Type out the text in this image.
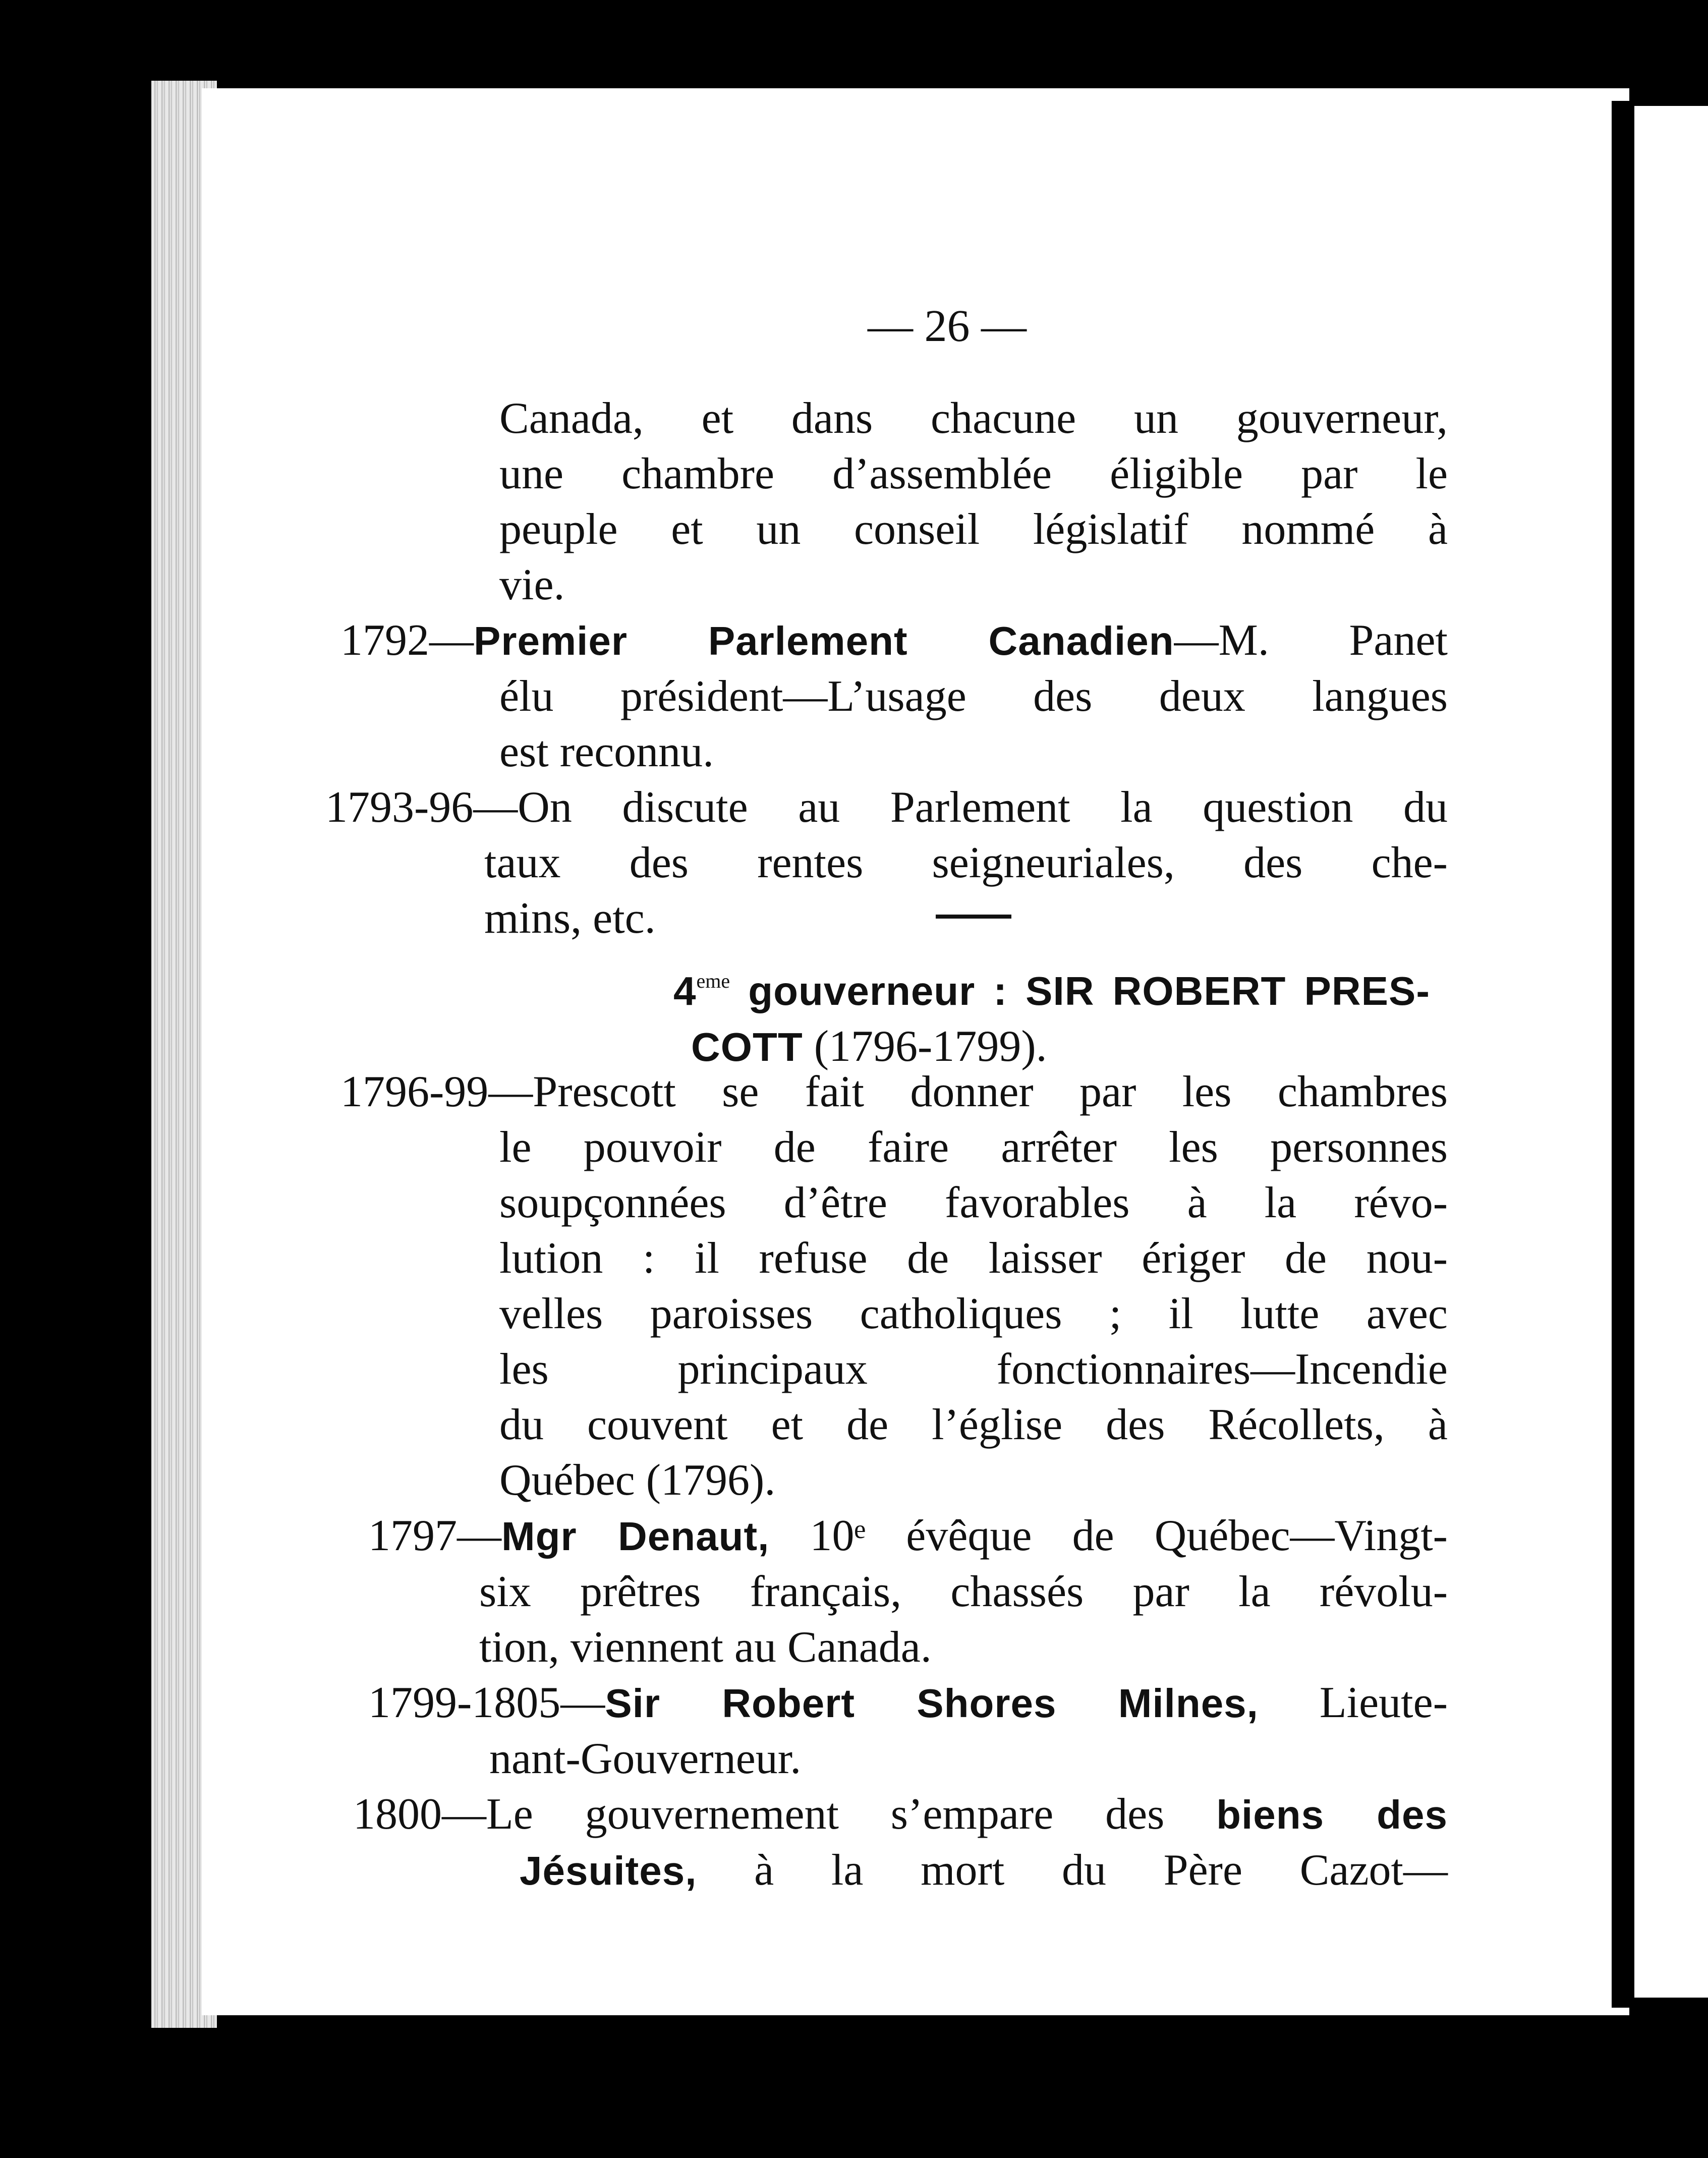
— 26 —
Canada, et dans chacune un gouverneur,
une chambre d’assemblée éligible par le
peuple et un conseil législatif nommé à
vie.
1792—Premier Parlement Canadien—M. Panet
élu président—L’usage des deux langues
est reconnu.
1793-96—On discute au Parlement la question du
taux des rentes seigneuriales, des che-
mins, etc.
4eme gouverneur : SIR ROBERT PRES-
COTT (1796-1799).
1796-99—Prescott se fait donner par les chambres
le pouvoir de faire arrêter les personnes
soupçonnées d’être favorables à la révo-
lution : il refuse de laisser ériger de nou-
velles paroisses catholiques ; il lutte avec
les principaux fonctionnaires—Incendie
du couvent et de l’église des Récollets, à
Québec (1796).
1797—Mgr Denaut, 10ᵉ évêque de Québec—Vingt-
six prêtres français, chassés par la révolu-
tion, viennent au Canada.
1799-1805—Sir Robert Shores Milnes, Lieute-
nant-Gouverneur.
1800—Le gouvernement s’empare des biens des
Jésuites, à la mort du Père Cazot—
